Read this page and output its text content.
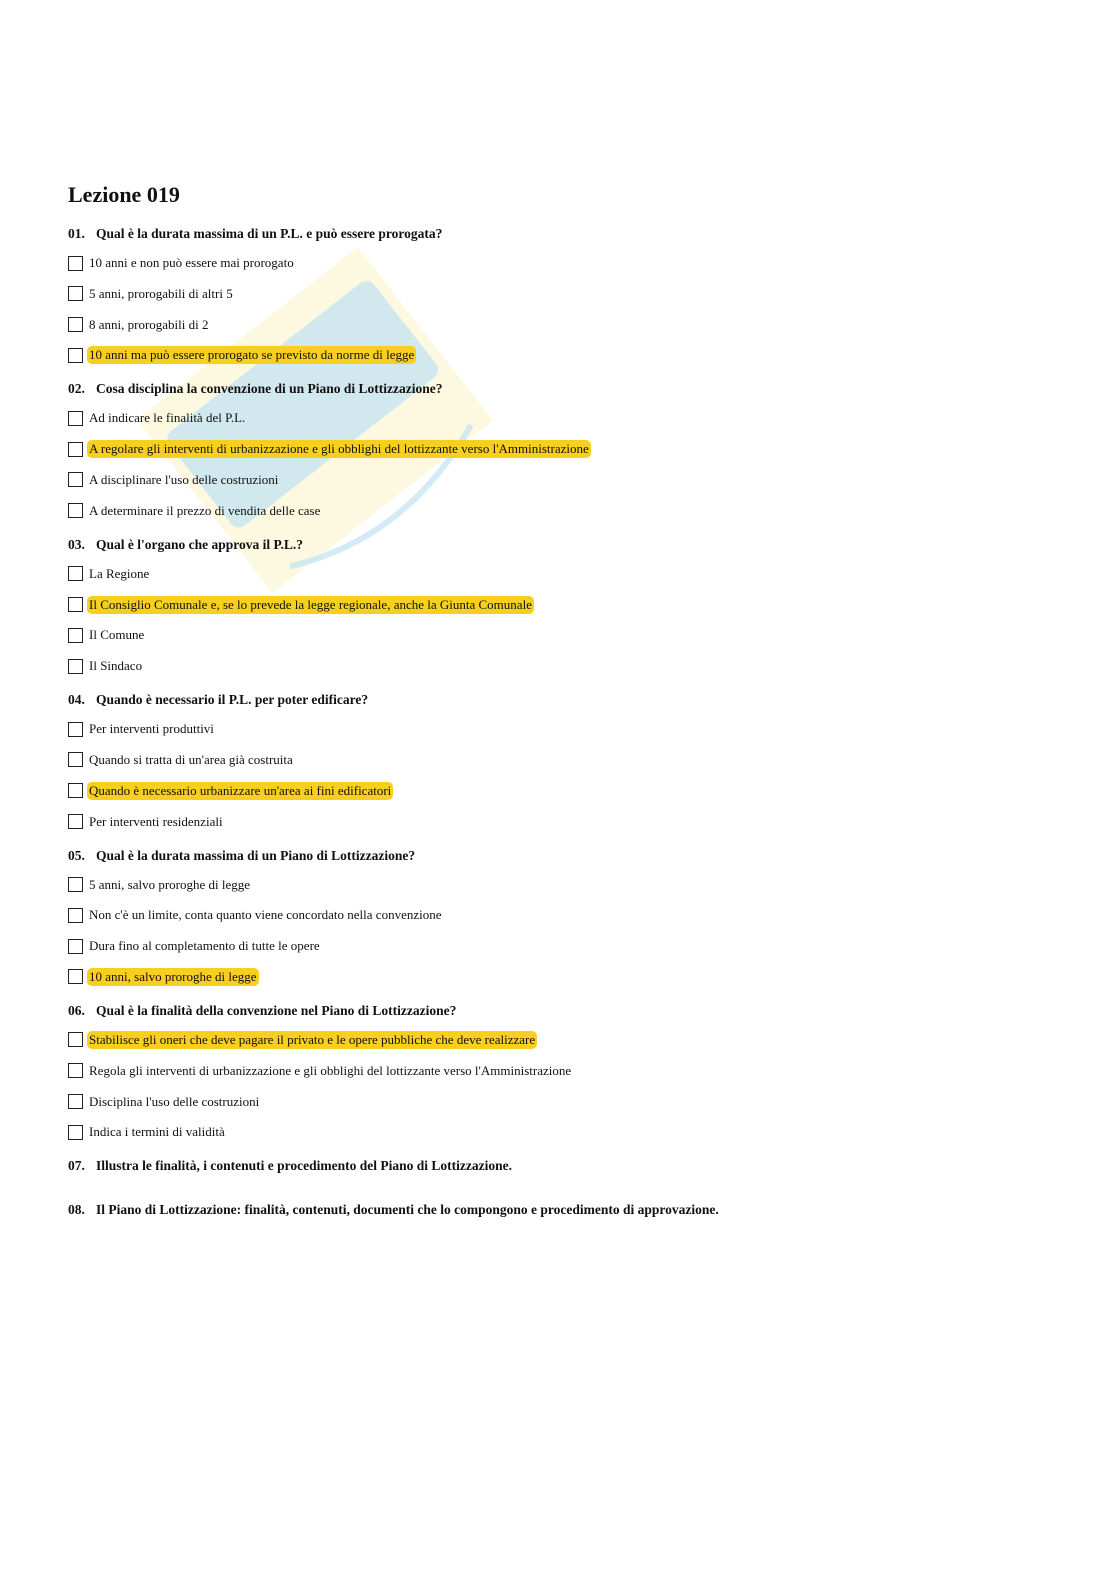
Lezione 019
01. Qual è la durata massima di un P.L. e può essere prorogata?
10 anni e non può essere mai prorogato
5 anni, prorogabili di altri 5
8 anni, prorogabili di 2
10 anni ma può essere prorogato se previsto da norme di legge
02. Cosa disciplina la convenzione di un Piano di Lottizzazione?
Ad indicare le finalità del P.L.
A regolare gli interventi di urbanizzazione e gli obblighi del lottizzante verso l'Amministrazione
A disciplinare l'uso delle costruzioni
A determinare il prezzo di vendita delle case
03. Qual è l'organo che approva il P.L.?
La Regione
Il Consiglio Comunale e, se lo prevede la legge regionale, anche la Giunta Comunale
Il Comune
Il Sindaco
04. Quando è necessario il P.L. per poter edificare?
Per interventi produttivi
Quando si tratta di un'area già costruita
Quando è necessario urbanizzare un'area ai fini edificatori
Per interventi residenziali
05. Qual è la durata massima di un Piano di Lottizzazione?
5 anni, salvo proroghe di legge
Non c'è un limite, conta quanto viene concordato nella convenzione
Dura fino al completamento di tutte le opere
10 anni, salvo proroghe di legge
06. Qual è la finalità della convenzione nel Piano di Lottizzazione?
Stabilisce gli oneri che deve pagare il privato e le opere pubbliche che deve realizzare
Regola gli interventi di urbanizzazione e gli obblighi del lottizzante verso l'Amministrazione
Disciplina l'uso delle costruzioni
Indica i termini di validità
07. Illustra le finalità, i contenuti e procedimento del Piano di Lottizzazione.
08. Il Piano di Lottizzazione: finalità, contenuti, documenti che lo compongono e procedimento di approvazione.
